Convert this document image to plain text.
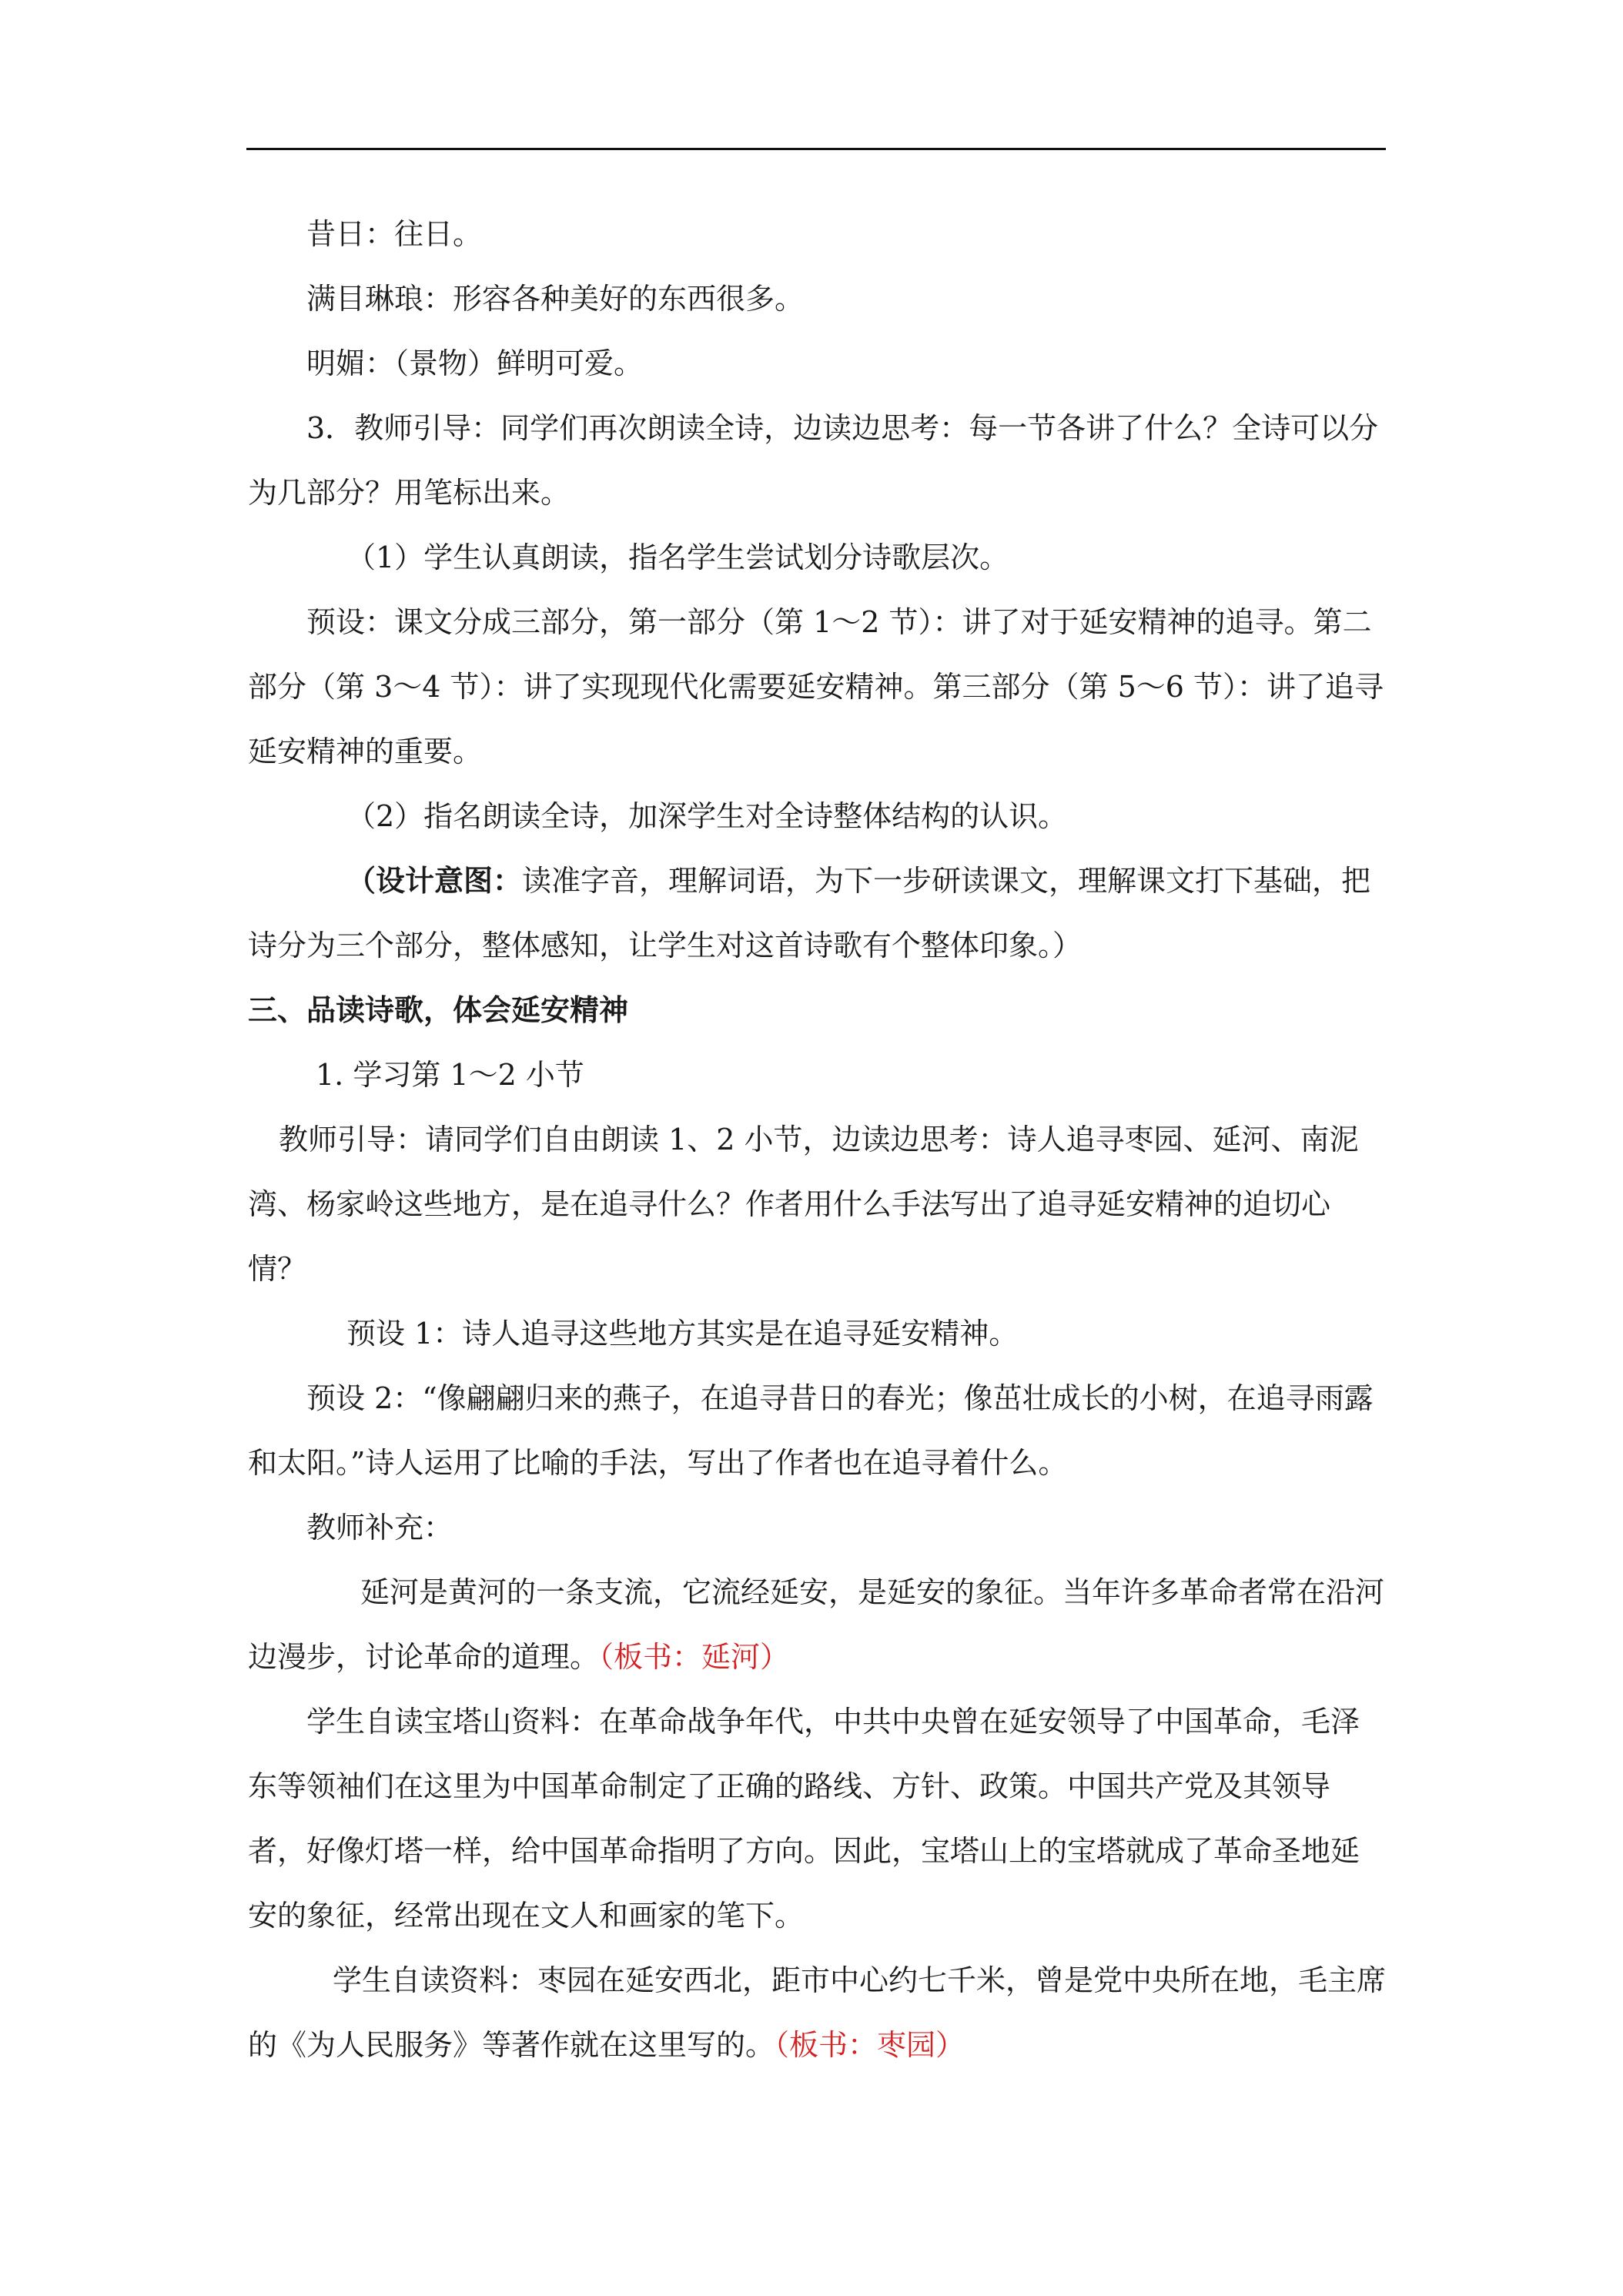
昔日：往日。

满目琳琅：形容各种美好的东西很多。

明媚：（景物）鲜明可爱。

3．教师引导：同学们再次朗读全诗，边读边思考：每一节各讲了什么？全诗可以分为几部分？用笔标出来。

（1）学生认真朗读，指名学生尝试划分诗歌层次。

预设：课文分成三部分，第一部分（第 1～2 节）：讲了对于延安精神的追寻。第二部分（第 3～4 节）：讲了实现现代化需要延安精神。第三部分（第 5～6 节）：讲了追寻延安精神的重要。

（2）指名朗读全诗，加深学生对全诗整体结构的认识。

（设计意图：读准字音，理解词语，为下一步研读课文，理解课文打下基础，把诗分为三个部分，整体感知，让学生对这首诗歌有个整体印象。）

三、品读诗歌，体会延安精神

1. 学习第 1～2 小节

教师引导：请同学们自由朗读 1、2 小节，边读边思考：诗人追寻枣园、延河、南泥湾、杨家岭这些地方，是在追寻什么？作者用什么手法写出了追寻延安精神的迫切心情？

预设 1：诗人追寻这些地方其实是在追寻延安精神。

预设 2：“像翩翩归来的燕子，在追寻昔日的春光；像茁壮成长的小树，在追寻雨露和太阳。”诗人运用了比喻的手法，写出了作者也在追寻着什么。

教师补充：

延河是黄河的一条支流，它流经延安，是延安的象征。当年许多革命者常在沿河边漫步，讨论革命的道理。（板书：延河）

学生自读宝塔山资料：在革命战争年代，中共中央曾在延安领导了中国革命，毛泽东等领袖们在这里为中国革命制定了正确的路线、方针、政策。中国共产党及其领导者，好像灯塔一样，给中国革命指明了方向。因此，宝塔山上的宝塔就成了革命圣地延安的象征，经常出现在文人和画家的笔下。

学生自读资料：枣园在延安西北，距市中心约七千米，曾是党中央所在地，毛主席的《为人民服务》等著作就在这里写的。（板书：枣园）
